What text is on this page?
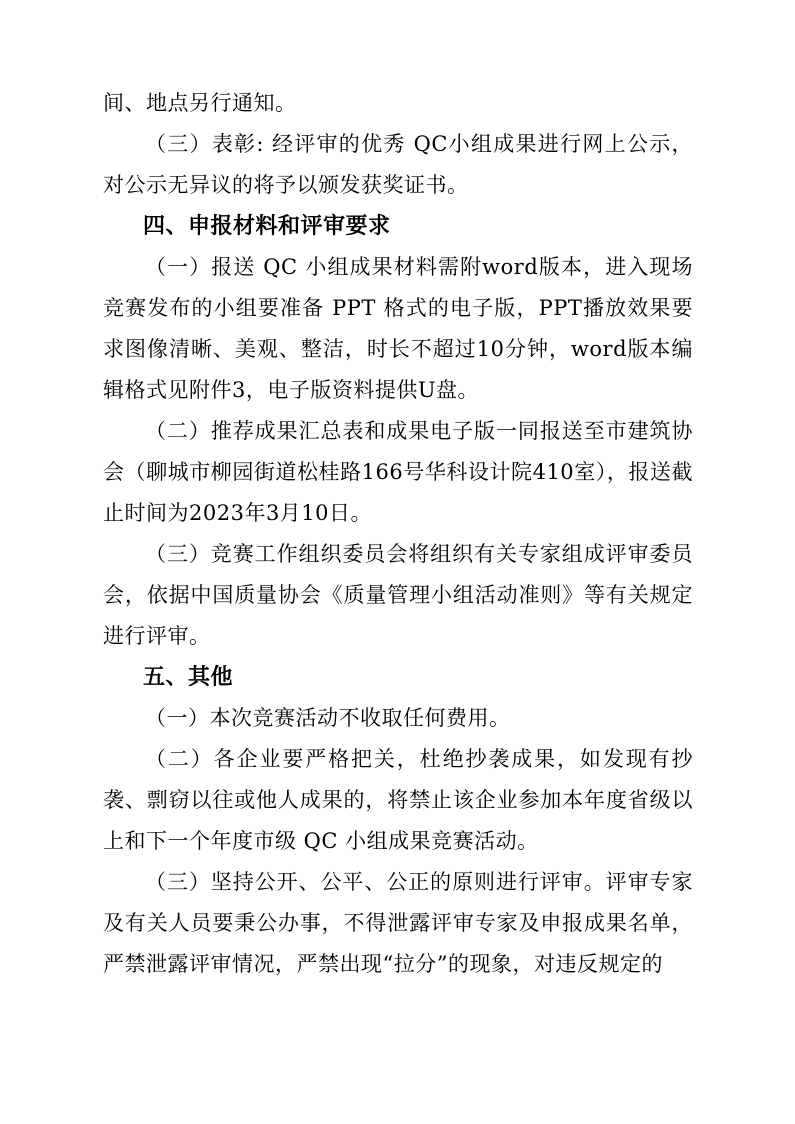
间、地点另行通知。

（三）表彰: 经评审的优秀 QC小组成果进行网上公示，对公示无异议的将予以颁发获奖证书。

四、申报材料和评审要求

（一）报送 QC 小组成果材料需附word版本，进入现场竞赛发布的小组要准备 PPT 格式的电子版，PPT播放效果要求图像清晰、美观、整洁，时长不超过10分钟，word版本编辑格式见附件3，电子版资料提供U盘。

（二）推荐成果汇总表和成果电子版一同报送至市建筑协会（聊城市柳园街道松桂路166号华科设计院410室），报送截止时间为2023年3月10日。

（三）竞赛工作组织委员会将组织有关专家组成评审委员会，依据中国质量协会《质量管理小组活动准则》等有关规定进行评审。

五、其他

（一）本次竞赛活动不收取任何费用。

（二）各企业要严格把关，杜绝抄袭成果，如发现有抄袭、剽窃以往或他人成果的，将禁止该企业参加本年度省级以上和下一个年度市级 QC 小组成果竞赛活动。

（三）坚持公开、公平、公正的原则进行评审。评审专家及有关人员要秉公办事，不得泄露评审专家及申报成果名单，严禁泄露评审情况，严禁出现“拉分”的现象，对违反规定的
